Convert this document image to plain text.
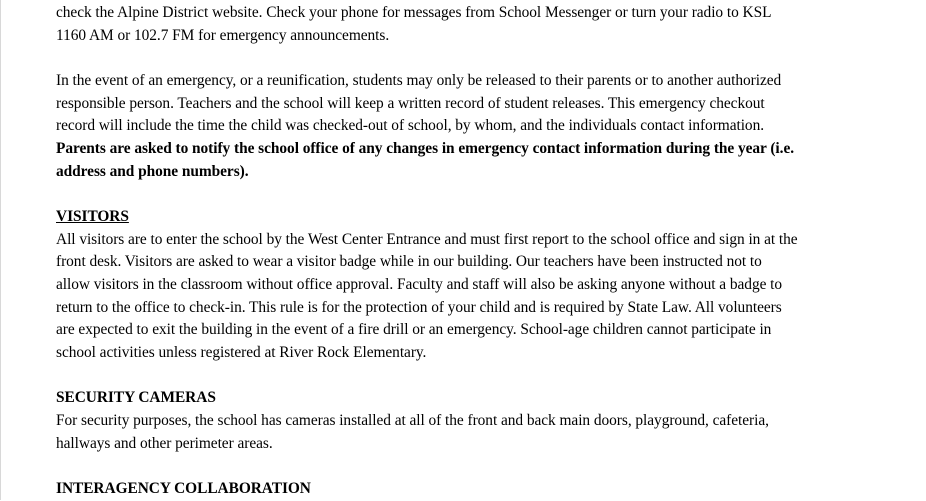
check the Alpine District website. Check your phone for messages from School Messenger or turn your radio to KSL
1160 AM or 102.7 FM for emergency announcements.

In the event of an emergency, or a reunification, students may only be released to their parents or to another authorized
responsible person. Teachers and the school will keep a written record of student releases. This emergency checkout
record will include the time the child was checked-out of school, by whom, and the individuals contact information.
Parents are asked to notify the school office of any changes in emergency contact information during the year (i.e.
address and phone numbers).

VISITORS

All visitors are to enter the school by the West Center Entrance and must first report to the school office and sign in at the
front desk. Visitors are asked to wear a visitor badge while in our building. Our teachers have been instructed not to
allow visitors in the classroom without office approval. Faculty and staff will also be asking anyone without a badge to
return to the office to check-in. This rule is for the protection of your child and is required by State Law. All volunteers
are expected to exit the building in the event of a fire drill or an emergency. School-age children cannot participate in
school activities unless registered at River Rock Elementary.

SECURITY CAMERAS

For security purposes, the school has cameras installed at all of the front and back main doors, playground, cafeteria,
hallways and other perimeter areas.

INTERAGENCY COLLABORATION
